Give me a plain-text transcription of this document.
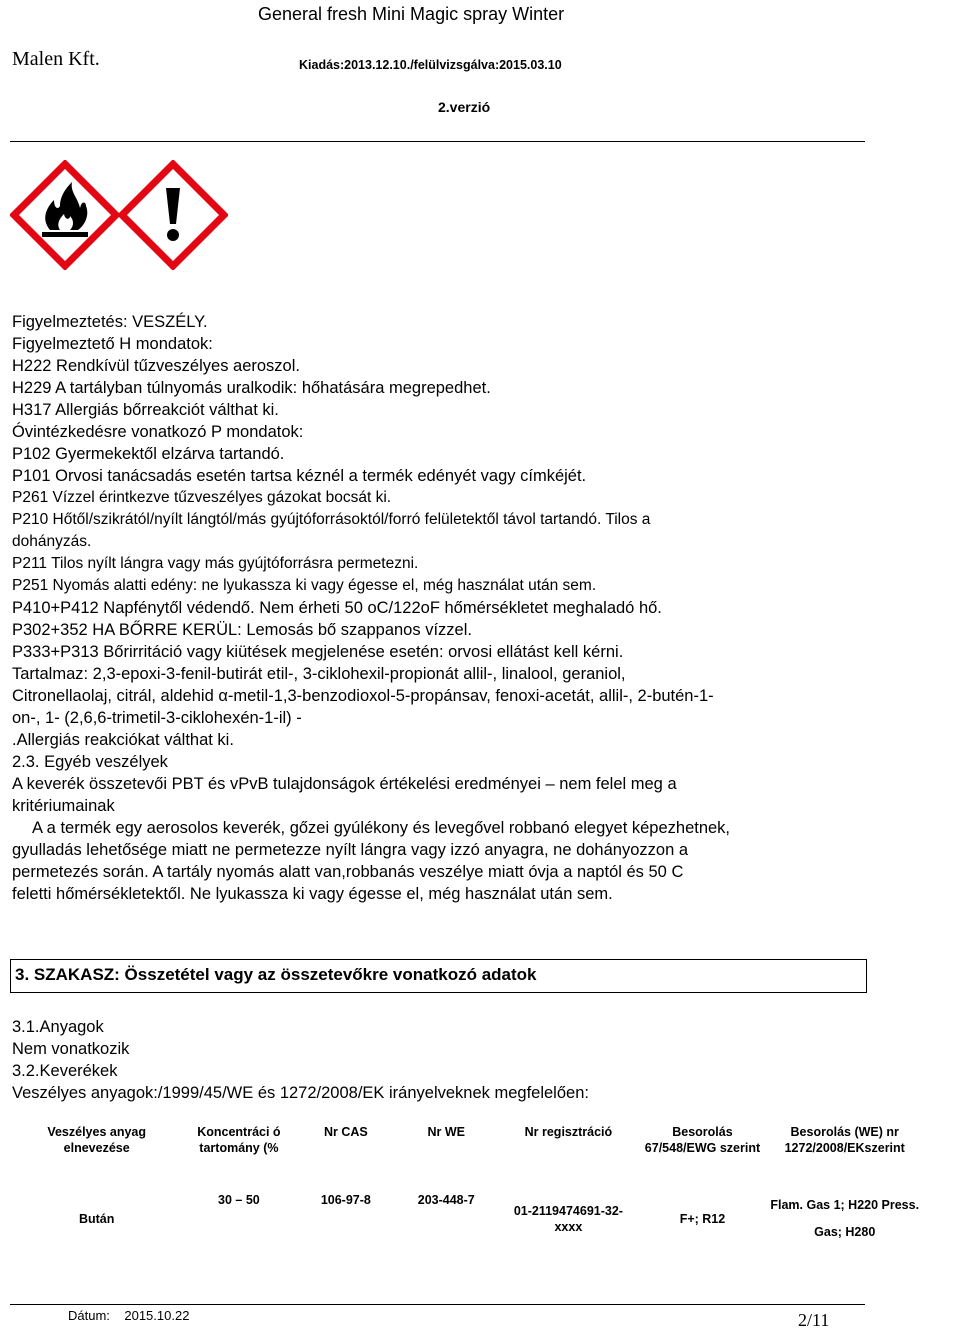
General fresh Mini Magic spray Winter
Malen Kft.	Kiadás:2013.12.10./felülvizsgálva:2015.03.10
2.verzió
Figyelmeztetés: VESZÉLY.
Figyelmeztető H mondatok:
H222 Rendkívül tűzveszélyes aeroszol.
H229 A tartályban túlnyomás uralkodik: hőhatására megrepedhet.
H317 Allergiás bőrreakciót válthat ki.
Óvintézkedésre vonatkozó P mondatok:
P102 Gyermekektől elzárva tartandó.
P101 Orvosi tanácsadás esetén tartsa kéznél a termék edényét vagy címkéjét.
P261 Vízzel érintkezve tűzveszélyes gázokat bocsát ki.
P210 Hőtől/szikrától/nyílt lángtól/más gyújtóforrásoktól/forró felületektől távol tartandó. Tilos a
dohányzás.
P211 Tilos nyílt lángra vagy más gyújtóforrásra permetezni.
P251 Nyomás alatti edény: ne lyukassza ki vagy égesse el, még használat után sem.
P410+P412 Napfénytől védendő. Nem érheti 50 oC/122oF hőmérsékletet meghaladó hő.
P302+352 HA BŐRRE KERÜL: Lemosás bő szappanos vízzel.
P333+P313 Bőrirritáció vagy kiütések megjelenése esetén: orvosi ellátást kell kérni.
Tartalmaz: 2,3-epoxi-3-fenil-butirát etil-, 3-ciklohexil-propionát allil-, linalool, geraniol,
Citronellaolaj, citrál, aldehid α-metil-1,3-benzodioxol-5-propánsav, fenoxi-acetát, allil-, 2-butén-1-
on-, 1- (2,6,6-trimetil-3-ciklohexén-1-il) -
.Allergiás reakciókat válthat ki.
2.3. Egyéb veszélyek
A keverék összetevői PBT és vPvB tulajdonságok értékelési eredményei – nem felel meg a
kritériumainak
A a termék egy aerosolos keverék, gőzei gyúlékony és levegővel robbanó elegyet képezhetnek,
gyulladás lehetősége miatt ne permetezze nyílt lángra vagy izzó anyagra, ne dohányozzon a
permetezés során. A tartály nyomás alatt van,robbanás veszélye miatt óvja a naptól és 50 C
feletti hőmérsékletektől. Ne lyukassza ki vagy égesse el, még használat után sem.
3. SZAKASZ: Összetétel vagy az összetevőkre vonatkozó adatok
3.1.Anyagok
Nem vonatkozik
3.2.Keverékek
Veszélyes anyagok:/1999/45/WE és 1272/2008/EK irányelveknek megfelelően:
Veszélyes anyag elnevezése	Koncentráci ó tartomány (%	Nr CAS	Nr WE	Nr regisztráció	Besorolás 67/548/EWG szerint	Besorolás (WE) nr 1272/2008/EKszerint
Bután	30 – 50	106-97-8	203-448-7	01-2119474691-32-xxxx	F+; R12	Flam. Gas 1; H220 Press. Gas; H280
Dátum: 2015.10.22	2/11
